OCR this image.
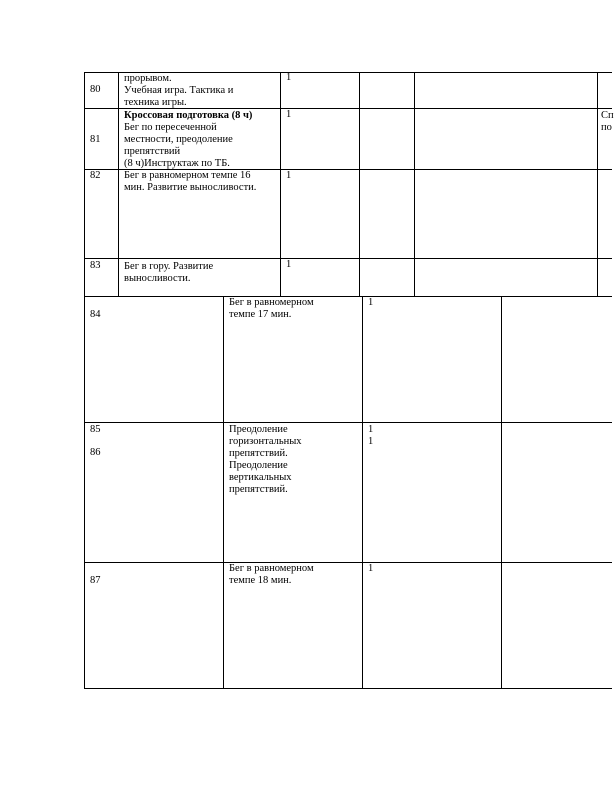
80
прорывом.
Учебная игра. Тактика и
техника игры.
1
81
Кроссовая подготовка (8 ч)
Бег по пересеченной
местности, преодоление
препятствий
(8 ч)Инструктаж по ТБ.
1	Сп
по
82 Бег в равномерном темпе 16
мин. Развитие выносливости.
1
83 Бег в гору. Развитие
выносливости.
1
84
Бег в равномерном
темпе 17 мин.
1
85
86
Преодоление
горизонтальных
препятствий.
Преодоление
вертикальных
препятствий.
1
1
87
Бег в равномерном
темпе 18 мин.
1
